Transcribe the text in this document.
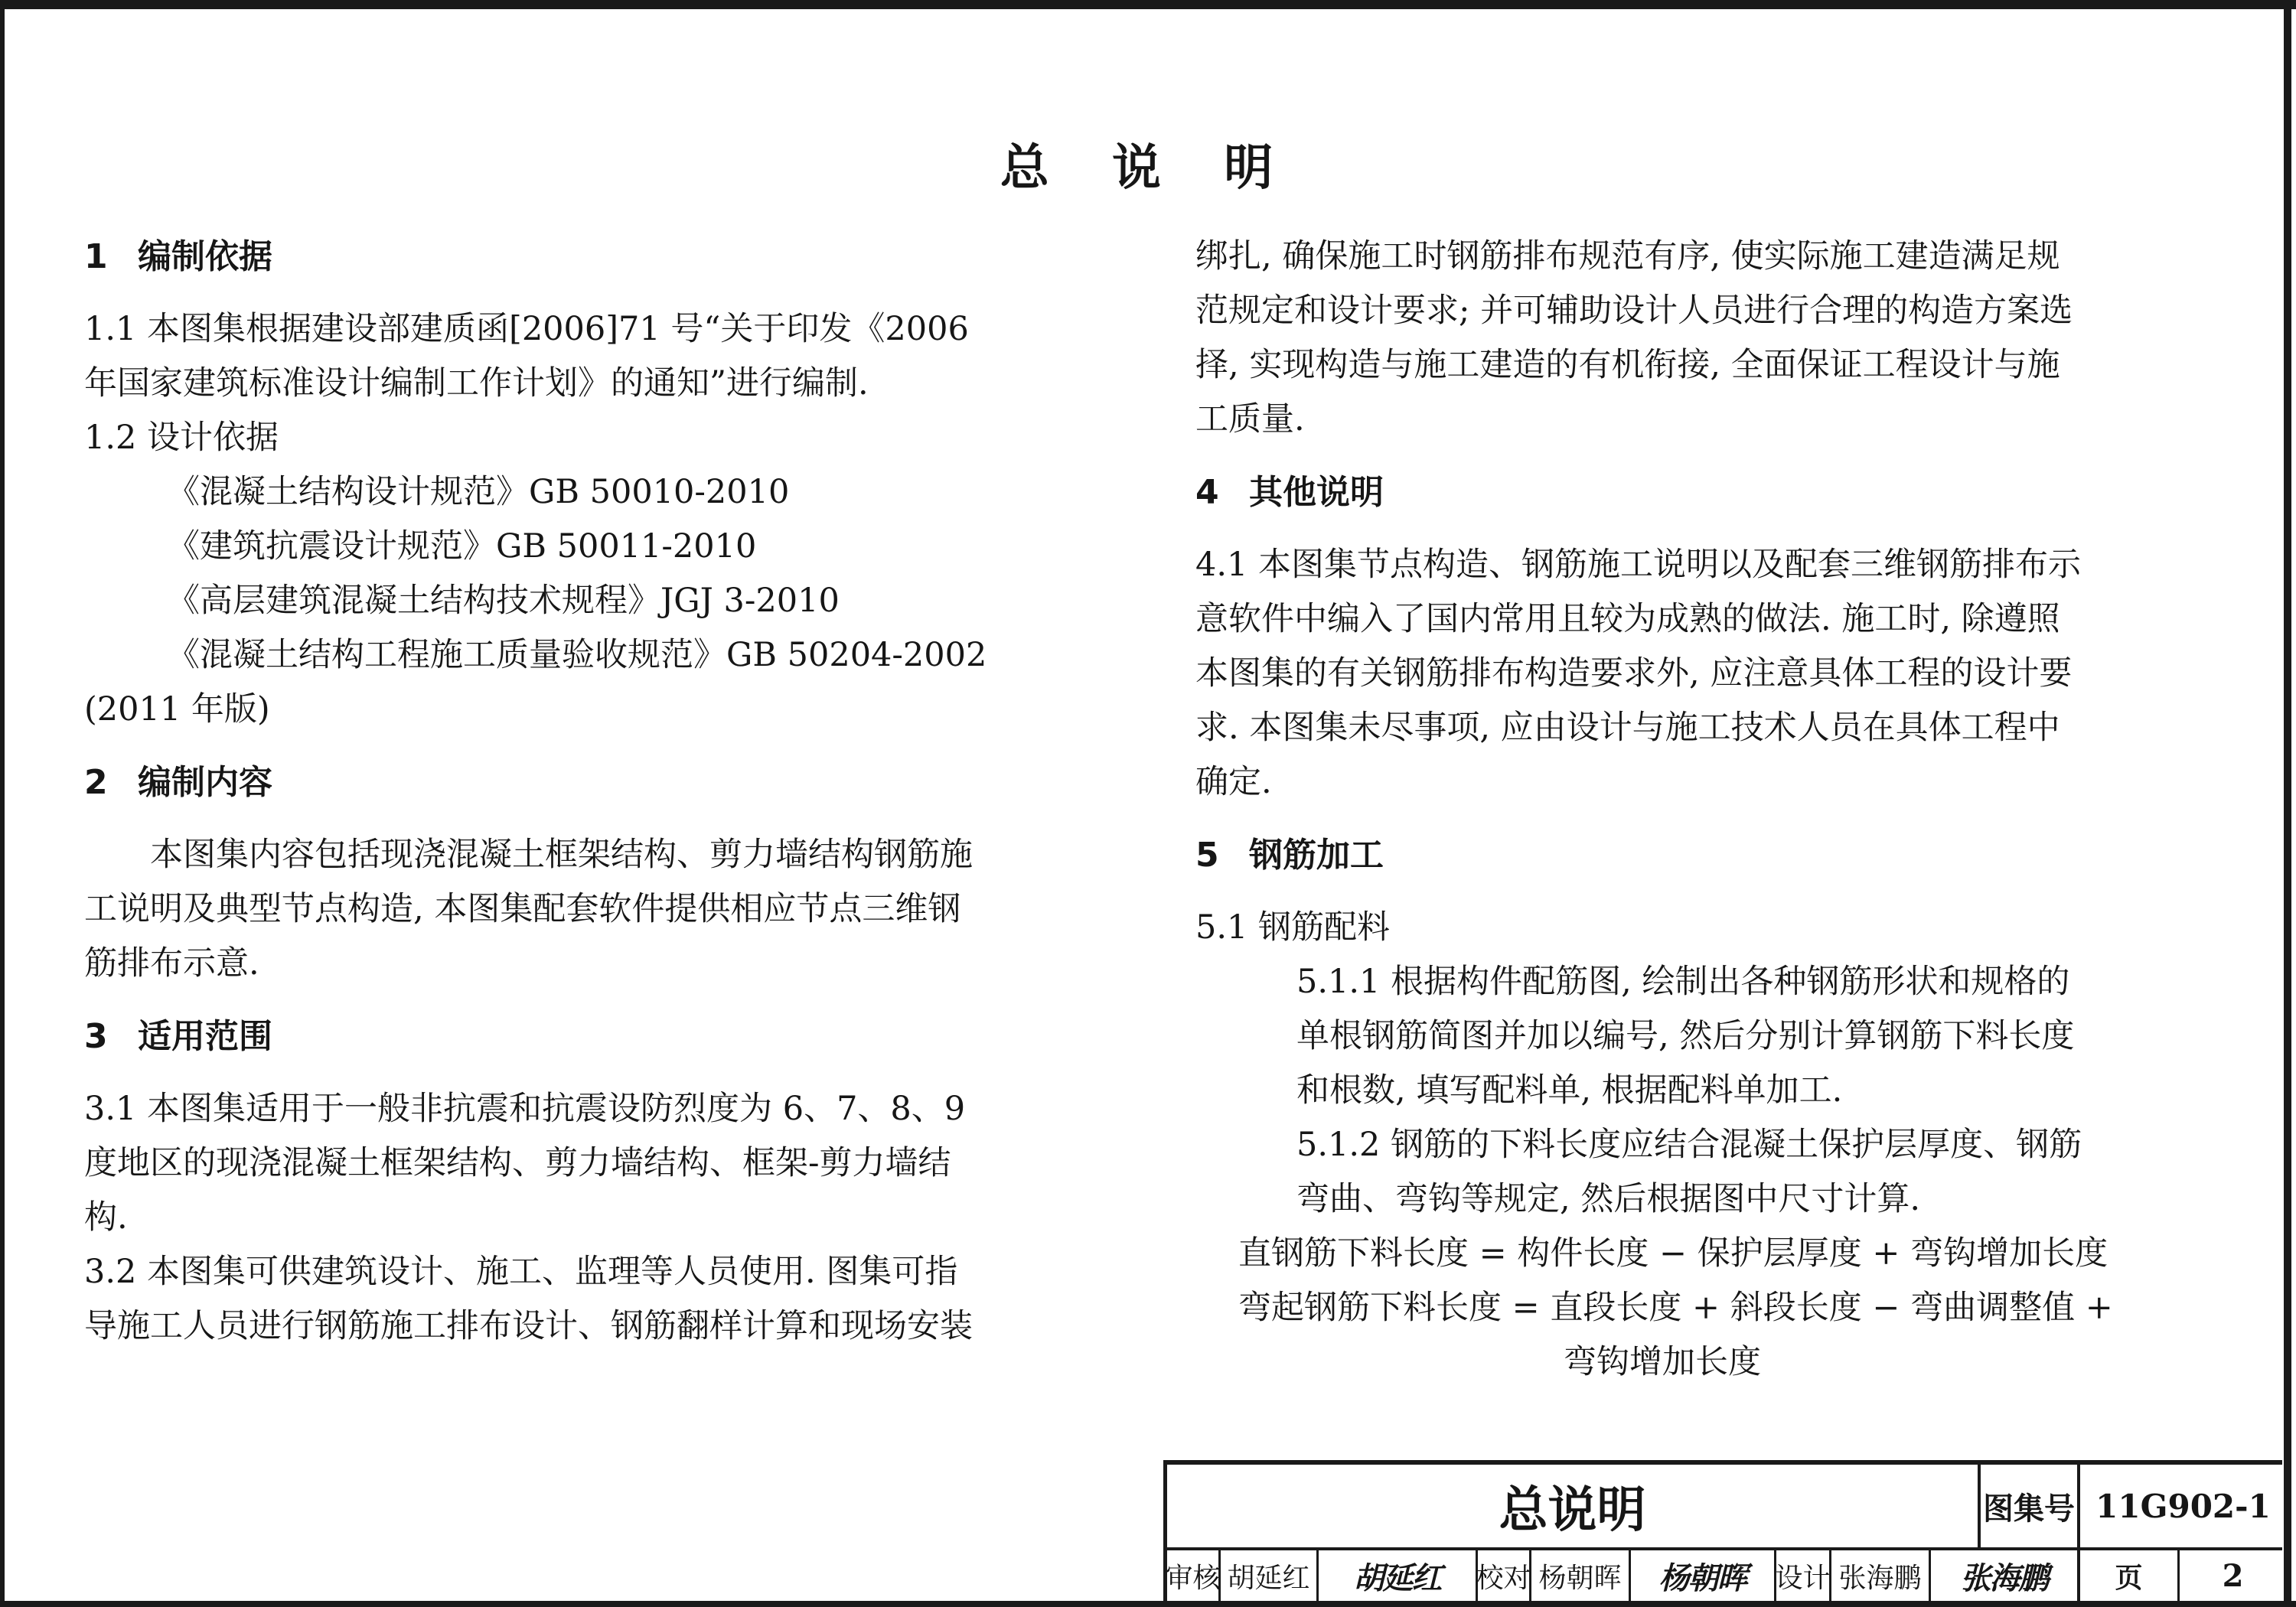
总 说 明

1 编制依据

1.1 本图集根据建设部建质函[2006]71 号“关于印发《2006

年国家建筑标准设计编制工作计划》的通知”进行编制.

1.2 设计依据

《混凝土结构设计规范》GB 50010-2010

《建筑抗震设计规范》GB 50011-2010

《高层建筑混凝土结构技术规程》JGJ 3-2010

《混凝土结构工程施工质量验收规范》GB 50204-2002

(2011 年版)

2 编制内容

本图集内容包括现浇混凝土框架结构、剪力墙结构钢筋施

工说明及典型节点构造, 本图集配套软件提供相应节点三维钢

筋排布示意.

3 适用范围

3.1 本图集适用于一般非抗震和抗震设防烈度为 6、7、8、9

度地区的现浇混凝土框架结构、剪力墙结构、框架-剪力墙结

构.

3.2 本图集可供建筑设计、施工、监理等人员使用. 图集可指

导施工人员进行钢筋施工排布设计、钢筋翻样计算和现场安装

绑扎, 确保施工时钢筋排布规范有序, 使实际施工建造满足规

范规定和设计要求; 并可辅助设计人员进行合理的构造方案选

择, 实现构造与施工建造的有机衔接, 全面保证工程设计与施

工质量.

4 其他说明

4.1 本图集节点构造、钢筋施工说明以及配套三维钢筋排布示

意软件中编入了国内常用且较为成熟的做法. 施工时, 除遵照

本图集的有关钢筋排布构造要求外, 应注意具体工程的设计要

求. 本图集未尽事项, 应由设计与施工技术人员在具体工程中

确定.

5 钢筋加工

5.1 钢筋配料

5.1.1 根据构件配筋图, 绘制出各种钢筋形状和规格的

单根钢筋简图并加以编号, 然后分别计算钢筋下料长度

和根数, 填写配料单, 根据配料单加工.

5.1.2 钢筋的下料长度应结合混凝土保护层厚度、钢筋

弯曲、弯钩等规定, 然后根据图中尺寸计算.

直钢筋下料长度 = 构件长度 − 保护层厚度 + 弯钩增加长度

弯起钢筋下料长度 = 直段长度 + 斜段长度 − 弯曲调整值 +

弯钩增加长度

总说明	图集号 11G902-1
审核 胡延红	胡延红	校对 杨朝晖	杨朝晖	设计 张海鹏	张海鹏	页	2
